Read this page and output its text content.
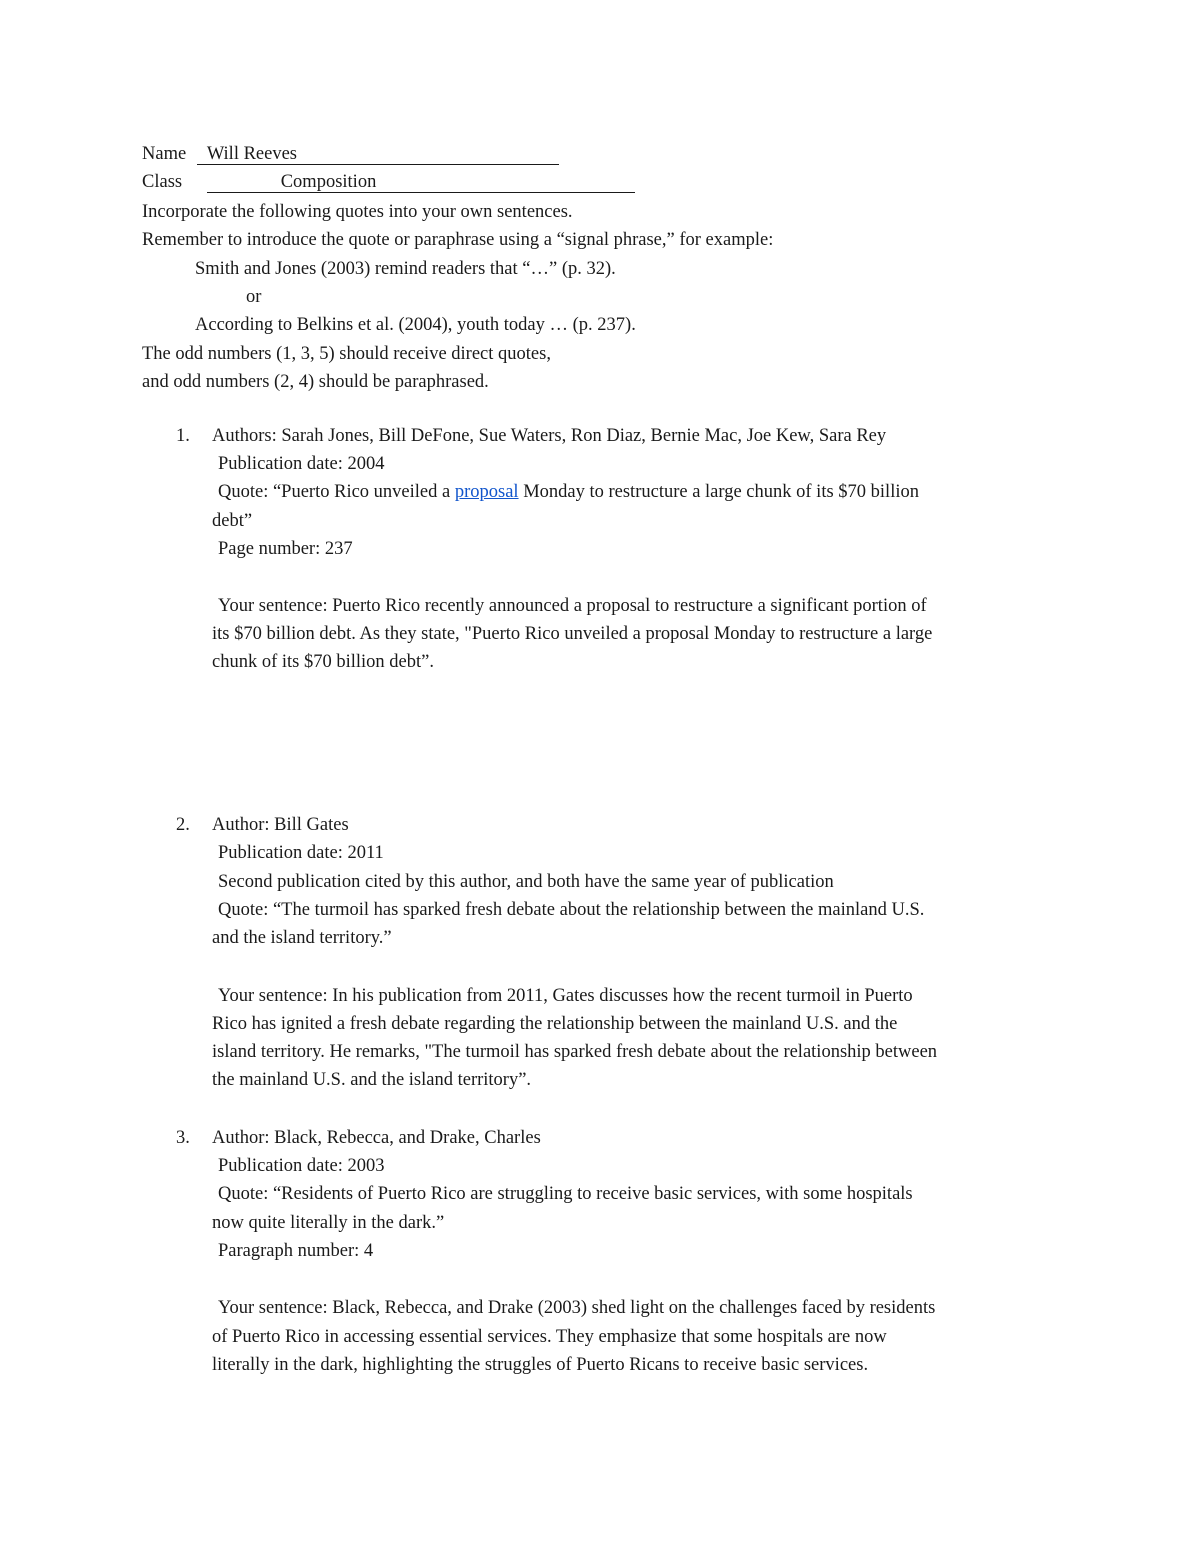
Name Will Reeves
Class	Composition
Incorporate the following quotes into your own sentences.
Remember to introduce the quote or paraphrase using a “signal phrase,” for example:
Smith and Jones (2003) remind readers that “…” (p. 32).
or
According to Belkins et al. (2004), youth today … (p. 237).
The odd numbers (1, 3, 5) should receive direct quotes,
and odd numbers (2, 4) should be paraphrased.
1. Authors: Sarah Jones, Bill DeFone, Sue Waters, Ron Diaz, Bernie Mac, Joe Kew, Sara Rey
Publication date: 2004
Quote: “Puerto Rico unveiled a proposal Monday to restructure a large chunk of its $70 billion
debt”
Page number: 237
Your sentence: Puerto Rico recently announced a proposal to restructure a significant portion of
its $70 billion debt. As they state, "Puerto Rico unveiled a proposal Monday to restructure a large
chunk of its $70 billion debt”.
2. Author: Bill Gates
Publication date: 2011
Second publication cited by this author, and both have the same year of publication
Quote: “The turmoil has sparked fresh debate about the relationship between the mainland U.S.
and the island territory.”
Your sentence: In his publication from 2011, Gates discusses how the recent turmoil in Puerto
Rico has ignited a fresh debate regarding the relationship between the mainland U.S. and the
island territory. He remarks, "The turmoil has sparked fresh debate about the relationship between
the mainland U.S. and the island territory”.
3. Author: Black, Rebecca, and Drake, Charles
Publication date: 2003
Quote: “Residents of Puerto Rico are struggling to receive basic services, with some hospitals
now quite literally in the dark.”
Paragraph number: 4
Your sentence: Black, Rebecca, and Drake (2003) shed light on the challenges faced by residents
of Puerto Rico in accessing essential services. They emphasize that some hospitals are now
literally in the dark, highlighting the struggles of Puerto Ricans to receive basic services.
